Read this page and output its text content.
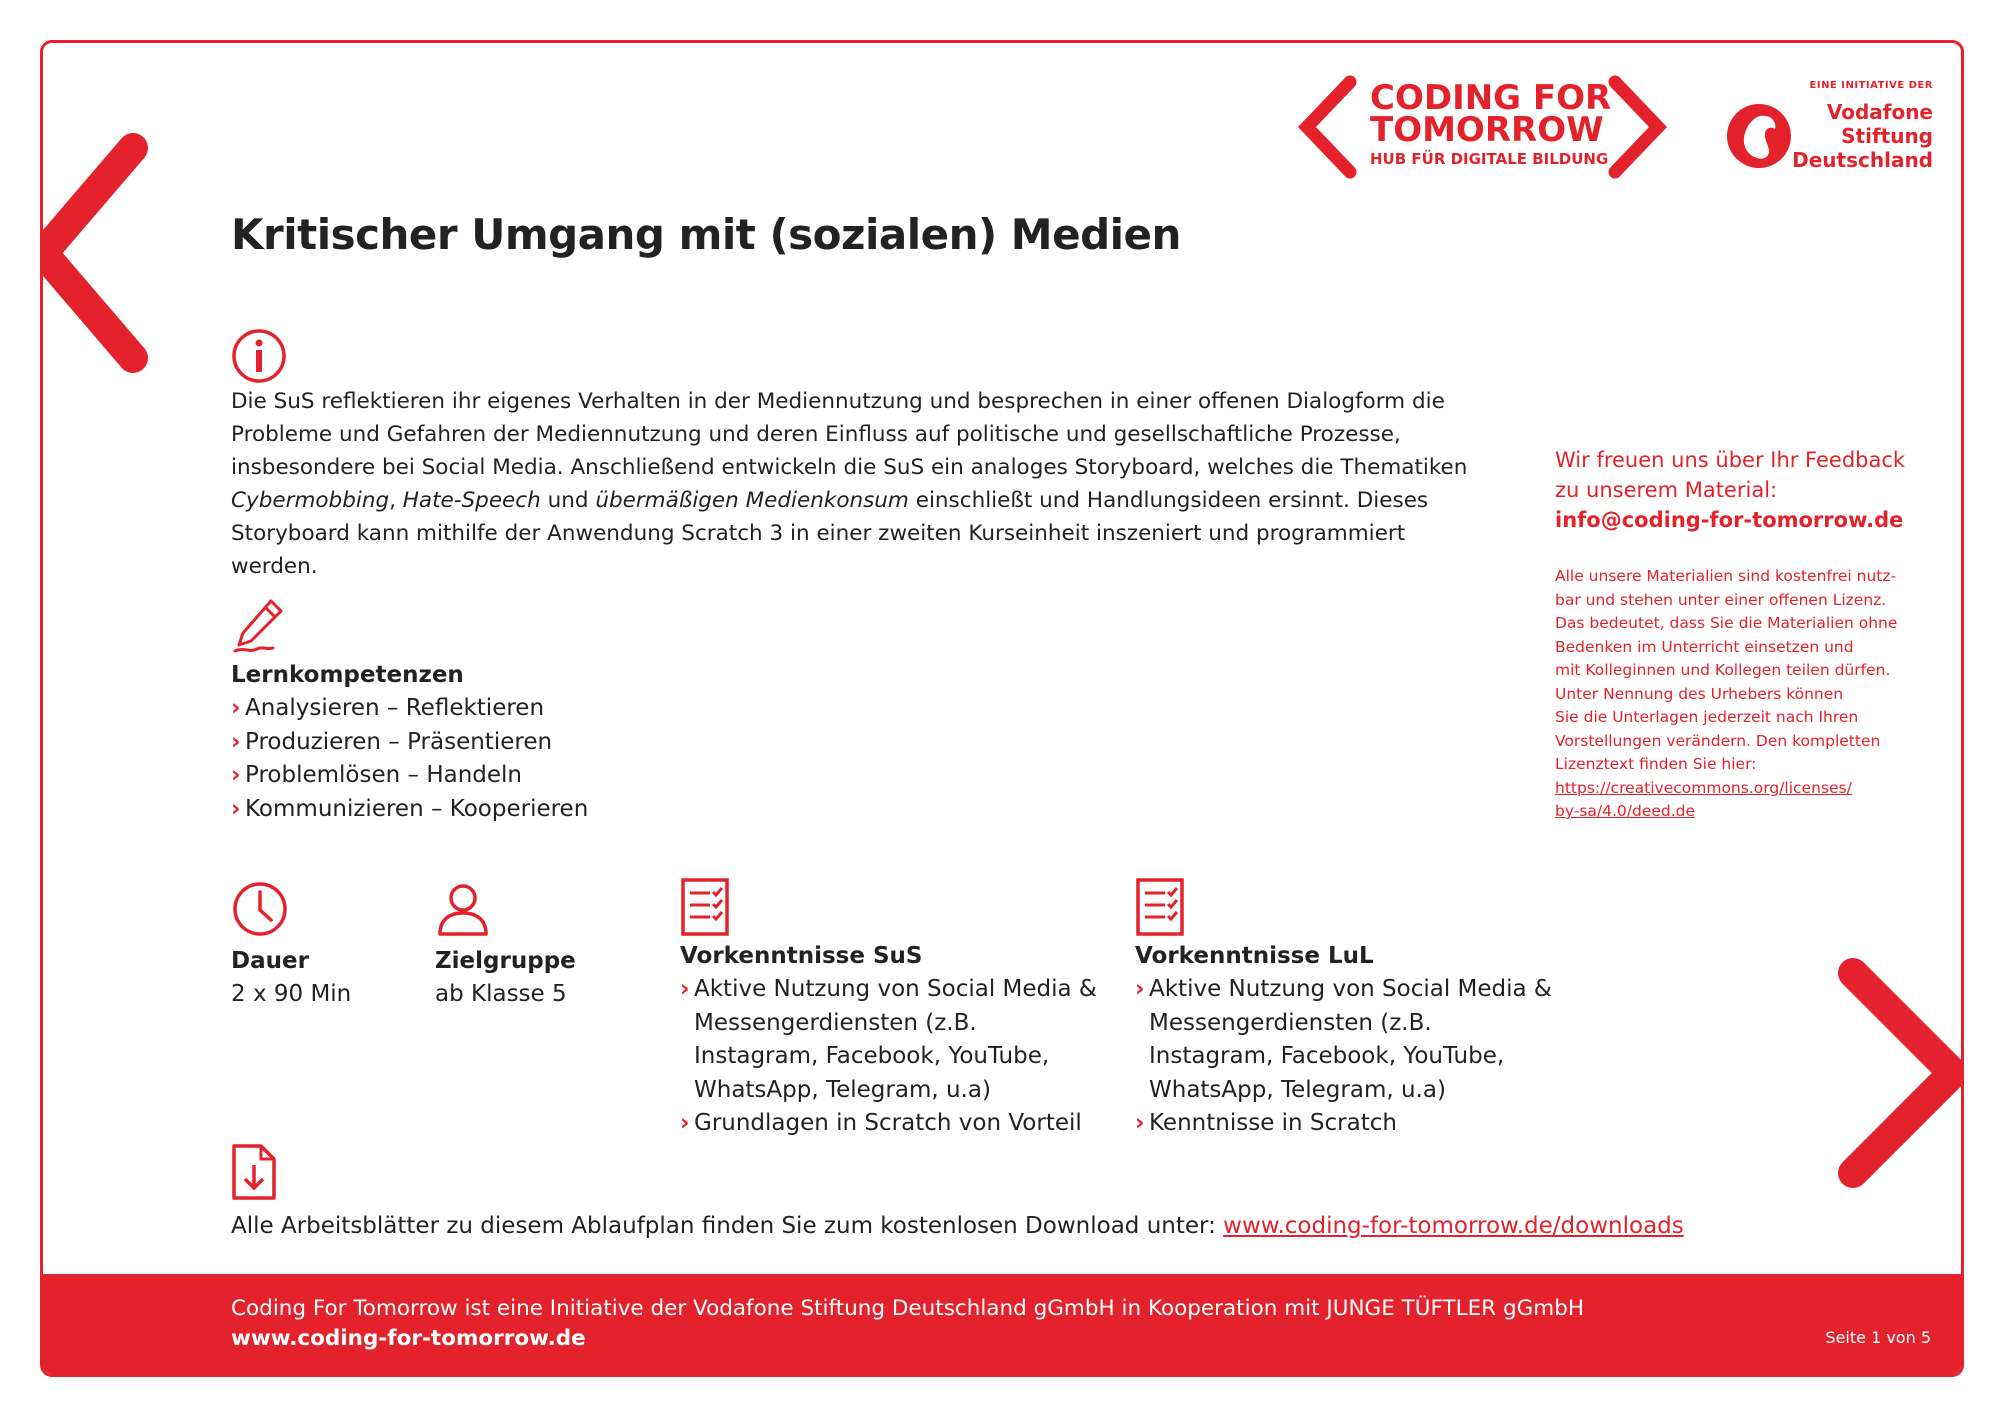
Coding For Tomorrow ist eine Initiative der Vodafone Stiftung Deutschland gGmbH in Kooperation mit JUNGE TÜFTLER gGmbH
www.coding-for-tomorrow.de	Seite 1 von 5
CODING FOR
TOMORROW
HUB FÜR DIGITALE BILDUNG
EINE INITIATIVE DER
Vodafone
Stiftung
Deutschland
Kritischer Umgang mit (sozialen) Medien
Die SuS reflektieren ihr eigenes Verhalten in der Mediennutzung und besprechen in einer offenen Dialogform die Probleme und Gefahren der Mediennutzung und deren Einfluss auf politische und gesellschaftliche Prozesse, insbesondere bei Social Media. Anschließend entwickeln die SuS ein analoges Storyboard, welches die Thematiken Cybermobbing, Hate-Speech und übermäßigen Medienkonsum einschließt und Handlungsideen ersinnt. Dieses Storyboard kann mithilfe der Anwendung Scratch 3 in einer zweiten Kurseinheit inszeniert und programmiert werden.
Lernkompetenzen
› Analysieren – Reflektieren
› Produzieren – Präsentieren
› Problemlösen – Handeln
› Kommunizieren – Kooperieren
Dauer
2 x 90 Min
Zielgruppe
ab Klasse 5
Vorkenntnisse SuS
› Aktive Nutzung von Social Media & Messengerdiensten (z.B. Instagram, Facebook, YouTube, WhatsApp, Telegram, u.a)
› Grundlagen in Scratch von Vorteil
Vorkenntnisse LuL
› Aktive Nutzung von Social Media & Messengerdiensten (z.B. Instagram, Facebook, YouTube, WhatsApp, Telegram, u.a)
› Kenntnisse in Scratch
Alle Arbeitsblätter zu diesem Ablaufplan finden Sie zum kostenlosen Download unter: www.coding-for-tomorrow.de/downloads
Wir freuen uns über Ihr Feedback
zu unserem Material:
info@coding-for-tomorrow.de
Alle unsere Materialien sind kostenfrei nutz-
bar und stehen unter einer offenen Lizenz.
Das bedeutet, dass Sie die Materialien ohne
Bedenken im Unterricht einsetzen und
mit Kolleginnen und Kollegen teilen dürfen.
Unter Nennung des Urhebers können
Sie die Unterlagen jederzeit nach Ihren
Vorstellungen verändern. Den kompletten
Lizenztext finden Sie hier:
https://creativecommons.org/licenses/
by-sa/4.0/deed.de
